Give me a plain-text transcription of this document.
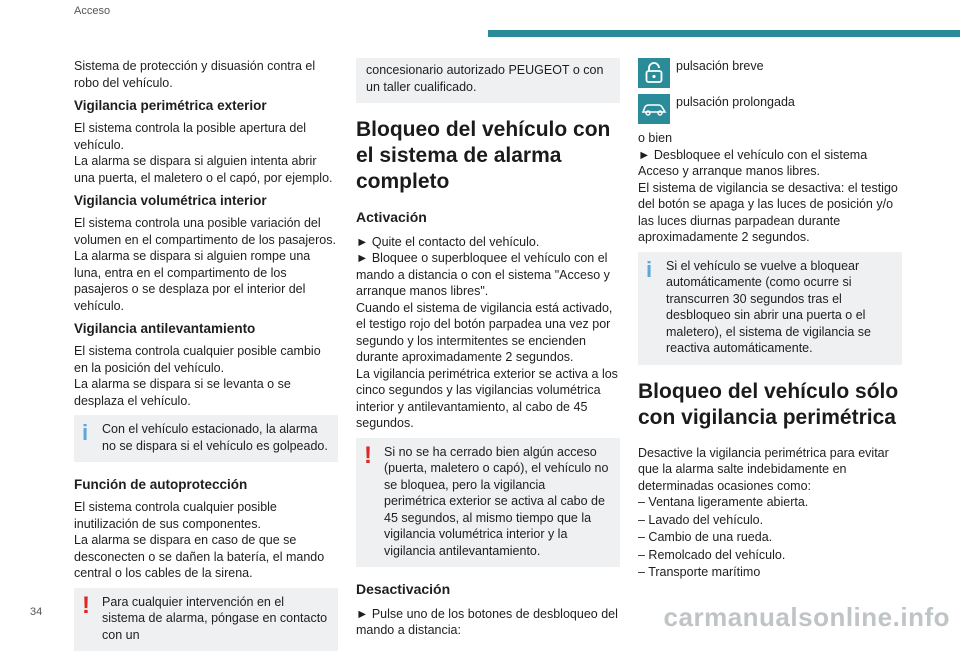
Acceso

Sistema de protección y disuasión contra el robo del vehículo.

Vigilancia perimétrica exterior

El sistema controla la posible apertura del vehículo.

La alarma se dispara si alguien intenta abrir una puerta, el maletero o el capó, por ejemplo.

Vigilancia volumétrica interior

El sistema controla una posible variación del volumen en el compartimento de los pasajeros.

La alarma se dispara si alguien rompe una luna, entra en el compartimento de los pasajeros o se desplaza por el interior del vehículo.

Vigilancia antilevantamiento

El sistema controla cualquier posible cambio en la posición del vehículo.

La alarma se dispara si se levanta o se desplaza el vehículo.

i	Con el vehículo estacionado, la alarma no se dispara si el vehículo es golpeado.
Función de autoprotección

El sistema controla cualquier posible inutilización de sus componentes.

La alarma se dispara en caso de que se desconecten o se dañen la batería, el mando central o los cables de la sirena.

! Para cualquier intervención en el sistema de alarma, póngase en contacto con un
concesionario autorizado PEUGEOT o con un taller cualificado.
Bloqueo del vehículo con el sistema de alarma completo
Activación

► Quite el contacto del vehículo.

► Bloquee o superbloquee el vehículo con el mando a distancia o con el sistema "Acceso y arranque manos libres".

Cuando el sistema de vigilancia está activado, el testigo rojo del botón parpadea una vez por segundo y los intermitentes se encienden durante aproximadamente 2 segundos.

La vigilancia perimétrica exterior se activa a los cinco segundos y las vigilancias volumétrica interior y antilevantamiento, al cabo de 45 segundos.

! Si no se ha cerrado bien algún acceso (puerta, maletero o capó), el vehículo no se bloquea, pero la vigilancia perimétrica exterior se activa al cabo de 45 segundos, al mismo tiempo que la vigilancia volumétrica interior y la vigilancia antilevantamiento.
Desactivación

► Pulse uno de los botones de desbloqueo del mando a distancia:

pulsación breve
pulsación prolongada

o bien

► Desbloquee el vehículo con el sistema Acceso y arranque manos libres.

El sistema de vigilancia se desactiva: el testigo del botón se apaga y las luces de posición y/o las luces diurnas parpadean durante aproximadamente 2 segundos.

i	Si el vehículo se vuelve a bloquear automáticamente (como ocurre si transcurren 30 segundos tras el desbloqueo sin abrir una puerta o el maletero), el sistema de vigilancia se reactiva automáticamente.
Bloqueo del vehículo sólo con vigilancia perimétrica

Desactive la vigilancia perimétrica para evitar que la alarma salte indebidamente en determinadas ocasiones como:

– Ventana ligeramente abierta.

– Lavado del vehículo.

– Cambio de una rueda.

– Remolcado del vehículo.

– Transporte marítimo

34	carmanualsonline.info
